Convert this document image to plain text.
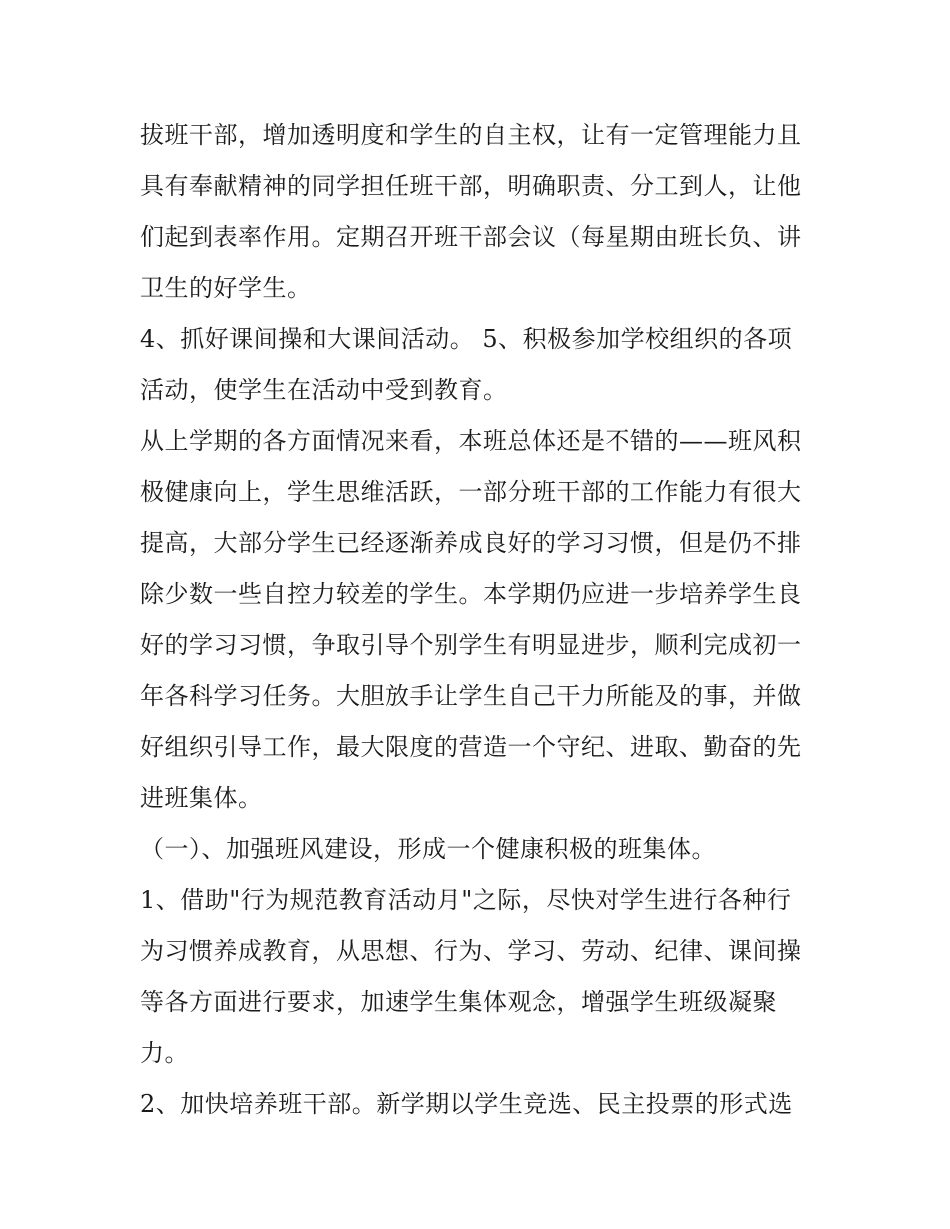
拔班干部，增加透明度和学生的自主权，让有一定管理能力且
具有奉献精神的同学担任班干部，明确职责、分工到人，让他
们起到表率作用。定期召开班干部会议（每星期由班长负、讲
卫生的好学生。
4、抓好课间操和大课间活动。 5、积极参加学校组织的各项
活动，使学生在活动中受到教育。
从上学期的各方面情况来看，本班总体还是不错的——班风积
极健康向上，学生思维活跃，一部分班干部的工作能力有很大
提高，大部分学生已经逐渐养成良好的学习习惯，但是仍不排
除少数一些自控力较差的学生。本学期仍应进一步培养学生良
好的学习习惯，争取引导个别学生有明显进步，顺利完成初一
年各科学习任务。大胆放手让学生自己干力所能及的事，并做
好组织引导工作，最大限度的营造一个守纪、进取、勤奋的先
进班集体。
（一）、加强班风建设，形成一个健康积极的班集体。
1、借助"行为规范教育活动月"之际，尽快对学生进行各种行
为习惯养成教育，从思想、行为、学习、劳动、纪律、课间操
等各方面进行要求，加速学生集体观念，增强学生班级凝聚
力。
2、加快培养班干部。新学期以学生竞选、民主投票的形式选
